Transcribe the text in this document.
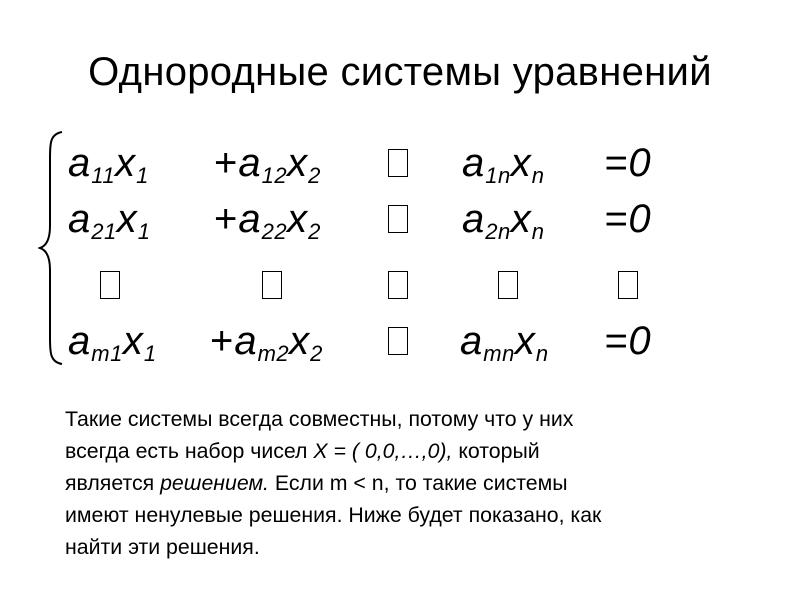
Однородные системы уравнений
$a_{11}x_1 +a_{12}x_2$	$a_{1n}x_n =0$
$a_{21}x_1 +a_{22}x_2$	$a_{2n}x_n =0$
$a_{m1}x_1 +a_{m2}x_2$	$a_{mn}x_n =0$
Такие системы всегда совместны, потому что у них
всегда есть набор чисел X = ( 0,0,…,0), который
является решением. Если m < n, то такие системы
имеют ненулевые решения. Ниже будет показано, как
найти эти решения.
